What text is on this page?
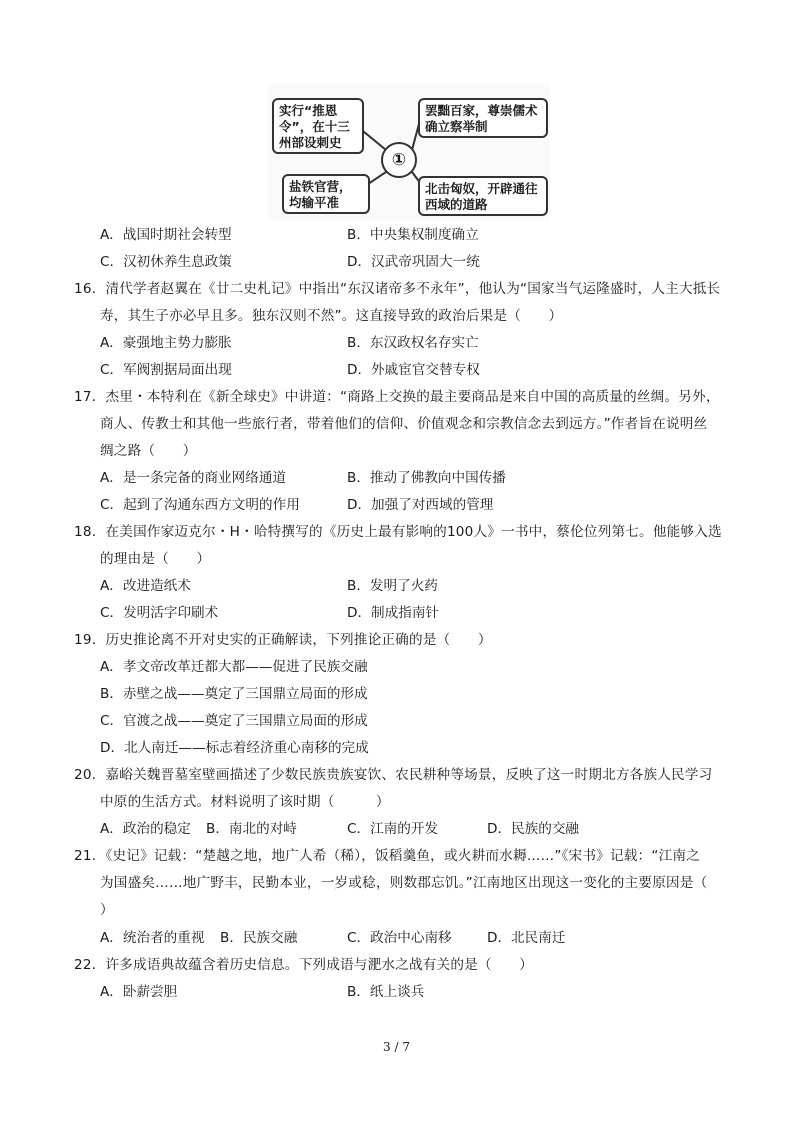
实行“推恩令”，在十三州部设刺史
罢黜百家，尊崇儒术确立察举制
盐铁官营，均输平准
北击匈奴，开辟通往西域的道路
①
A．战国时期社会转型	B．中央集权制度确立
C．汉初休养生息政策	D．汉武帝巩固大一统
16．清代学者赵翼在《廿二史札记》中指出“东汉诸帝多不永年”，他认为“国家当气运隆盛时，人主大抵长
寿，其生子亦必早且多。独东汉则不然”。这直接导致的政治后果是（　　）
A．豪强地主势力膨胀	B．东汉政权名存实亡
C．军阀割据局面出现	D．外戚宦官交替专权
17．杰里・本特利在《新全球史》中讲道：“商路上交换的最主要商品是来自中国的高质量的丝绸。另外，
商人、传教士和其他一些旅行者，带着他们的信仰、价值观念和宗教信念去到远方。”作者旨在说明丝
绸之路（　　）
A．是一条完备的商业网络通道	B．推动了佛教向中国传播
C．起到了沟通东西方文明的作用	D．加强了对西域的管理
18．在美国作家迈克尔・H・哈特撰写的《历史上最有影响的100人》一书中，蔡伦位列第七。他能够入选
的理由是（　　）
A．改进造纸术	B．发明了火药
C．发明活字印刷术	D．制成指南针
19．历史推论离不开对史实的正确解读，下列推论正确的是（　　）
A．孝文帝改革迁都大都——促进了民族交融
B．赤壁之战——奠定了三国鼎立局面的形成
C．官渡之战——奠定了三国鼎立局面的形成
D．北人南迁——标志着经济重心南移的完成
20．嘉峪关魏晋墓室壁画描述了少数民族贵族宴饮、农民耕种等场景，反映了这一时期北方各族人民学习
中原的生活方式。材料说明了该时期（　　　）
A．政治的稳定 B．南北的对峙	C．江南的开发	D．民族的交融
21．《史记》记载：“楚越之地，地广人希（稀），饭稻羹鱼，或火耕而水耨……”《宋书》记载：“江南之
为国盛矣……地广野丰，民勤本业，一岁或稔，则数郡忘饥。”江南地区出现这一变化的主要原因是（
）
A．统治者的重视 B．民族交融	C．政治中心南移	D．北民南迁
22．许多成语典故蕴含着历史信息。下列成语与淝水之战有关的是（　　）
A．卧薪尝胆	B．纸上谈兵
3 / 7
